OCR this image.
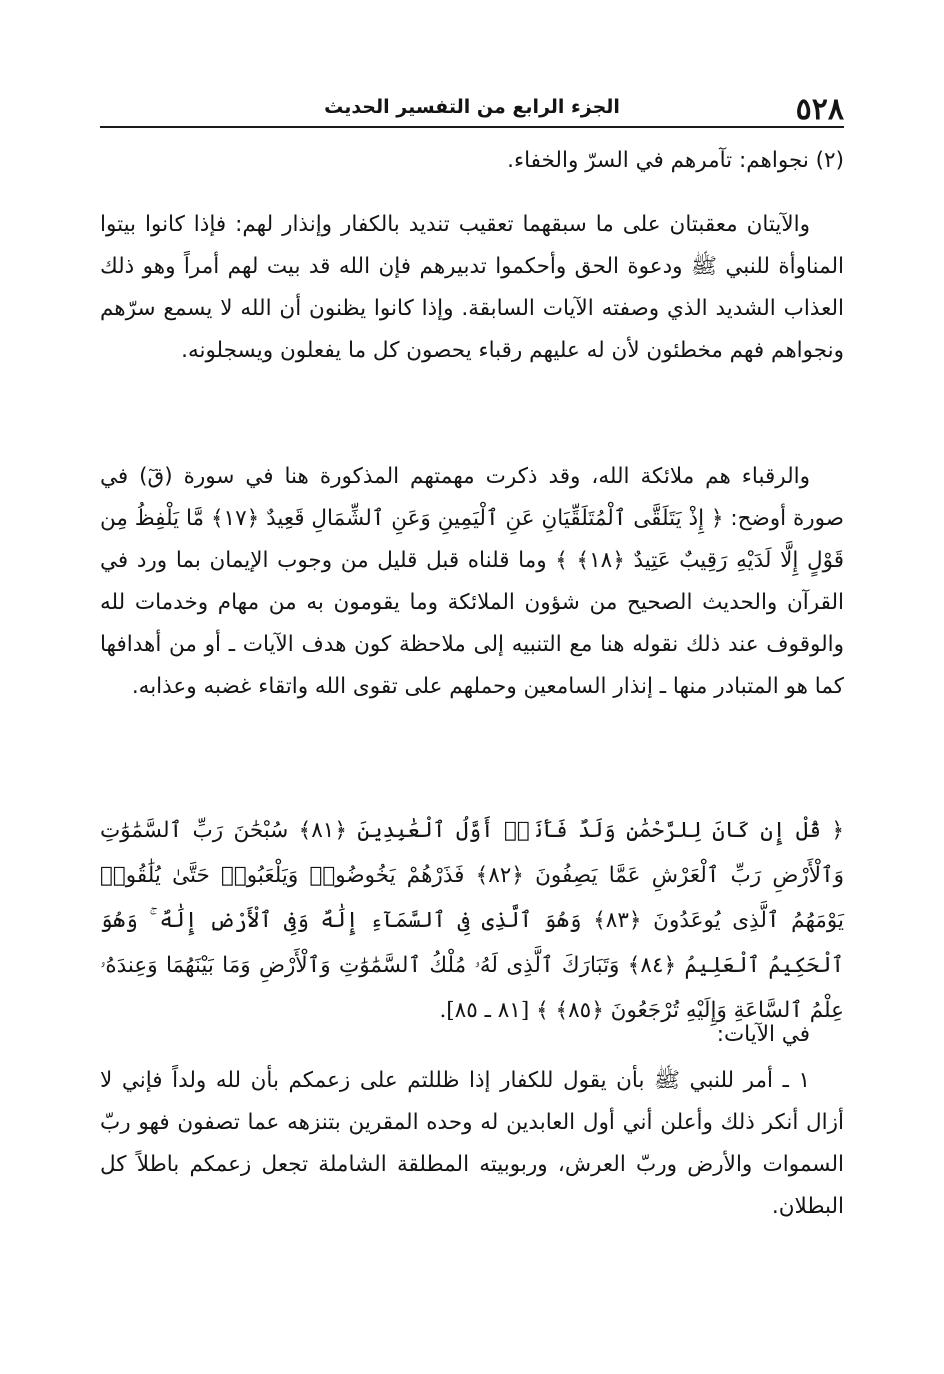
٥٢٨
الجزء الرابع من التفسير الحديث
(٢) نجواهم: تآمرهم في السرّ والخفاء.
والآيتان معقبتان على ما سبقهما تعقيب تنديد بالكفار وإنذار لهم: فإذا كانوا بيتوا المناوأة للنبي ﷺ ودعوة الحق وأحكموا تدبيرهم فإن الله قد بيت لهم أمراً وهو ذلك العذاب الشديد الذي وصفته الآيات السابقة. وإذا كانوا يظنون أن الله لا يسمع سرّهم ونجواهم فهم مخطئون لأن له عليهم رقباء يحصون كل ما يفعلون ويسجلونه.
والرقباء هم ملائكة الله، وقد ذكرت مهمتهم المذكورة هنا في سورة (قٓ) في صورة أوضح: ﴿ إِذْ يَتَلَقَّى ٱلْمُتَلَقِّيَانِ عَنِ ٱلْيَمِينِ وَعَنِ ٱلشِّمَالِ قَعِيدٌ ﴿١٧﴾ مَّا يَلْفِظُ مِن قَوْلٍ إِلَّا لَدَيْهِ رَقِيبٌ عَتِيدٌ ﴿١٨﴾ ﴾ وما قلناه قبل قليل من وجوب الإيمان بما ورد في القرآن والحديث الصحيح من شؤون الملائكة وما يقومون به من مهام وخدمات لله والوقوف عند ذلك نقوله هنا مع التنبيه إلى ملاحظة كون هدف الآيات ـ أو من أهدافها كما هو المتبادر منها ـ إنذار السامعين وحملهم على تقوى الله واتقاء غضبه وعذابه.
﴿ قُلْ إِن كَانَ لِلرَّحْمَٰنِ وَلَدٌ فَأَنَا۠ أَوَّلُ ٱلْعَٰبِدِينَ ﴿٨١﴾ سُبْحَٰنَ رَبِّ ٱلسَّمَٰوَٰتِ وَٱلْأَرْضِ رَبِّ ٱلْعَرْشِ عَمَّا يَصِفُونَ ﴿٨٢﴾ فَذَرْهُمْ يَخُوضُوا۟ وَيَلْعَبُوا۟ حَتَّىٰ يُلَٰقُوا۟ يَوْمَهُمُ ٱلَّذِى يُوعَدُونَ ﴿٨٣﴾ وَهُوَ ٱلَّذِى فِى ٱلسَّمَآءِ إِلَٰهٌ وَفِى ٱلْأَرْضِ إِلَٰهٌ ۚ وَهُوَ ٱلْحَكِيمُ ٱلْعَلِيمُ ﴿٨٤﴾ وَتَبَارَكَ ٱلَّذِى لَهُۥ مُلْكُ ٱلسَّمَٰوَٰتِ وَٱلْأَرْضِ وَمَا بَيْنَهُمَا وَعِندَهُۥ عِلْمُ ٱلسَّاعَةِ وَإِلَيْهِ تُرْجَعُونَ ﴿٨٥﴾ ﴾ [٨١ ـ ٨٥].
في الآيات:
١ ـ أمر للنبي ﷺ بأن يقول للكفار إذا ظللتم على زعمكم بأن لله ولداً فإني لا أزال أنكر ذلك وأعلن أني أول العابدين له وحده المقرين بتنزهه عما تصفون فهو ربّ السموات والأرض وربّ العرش، وربوبيته المطلقة الشاملة تجعل زعمكم باطلاً كل البطلان.
